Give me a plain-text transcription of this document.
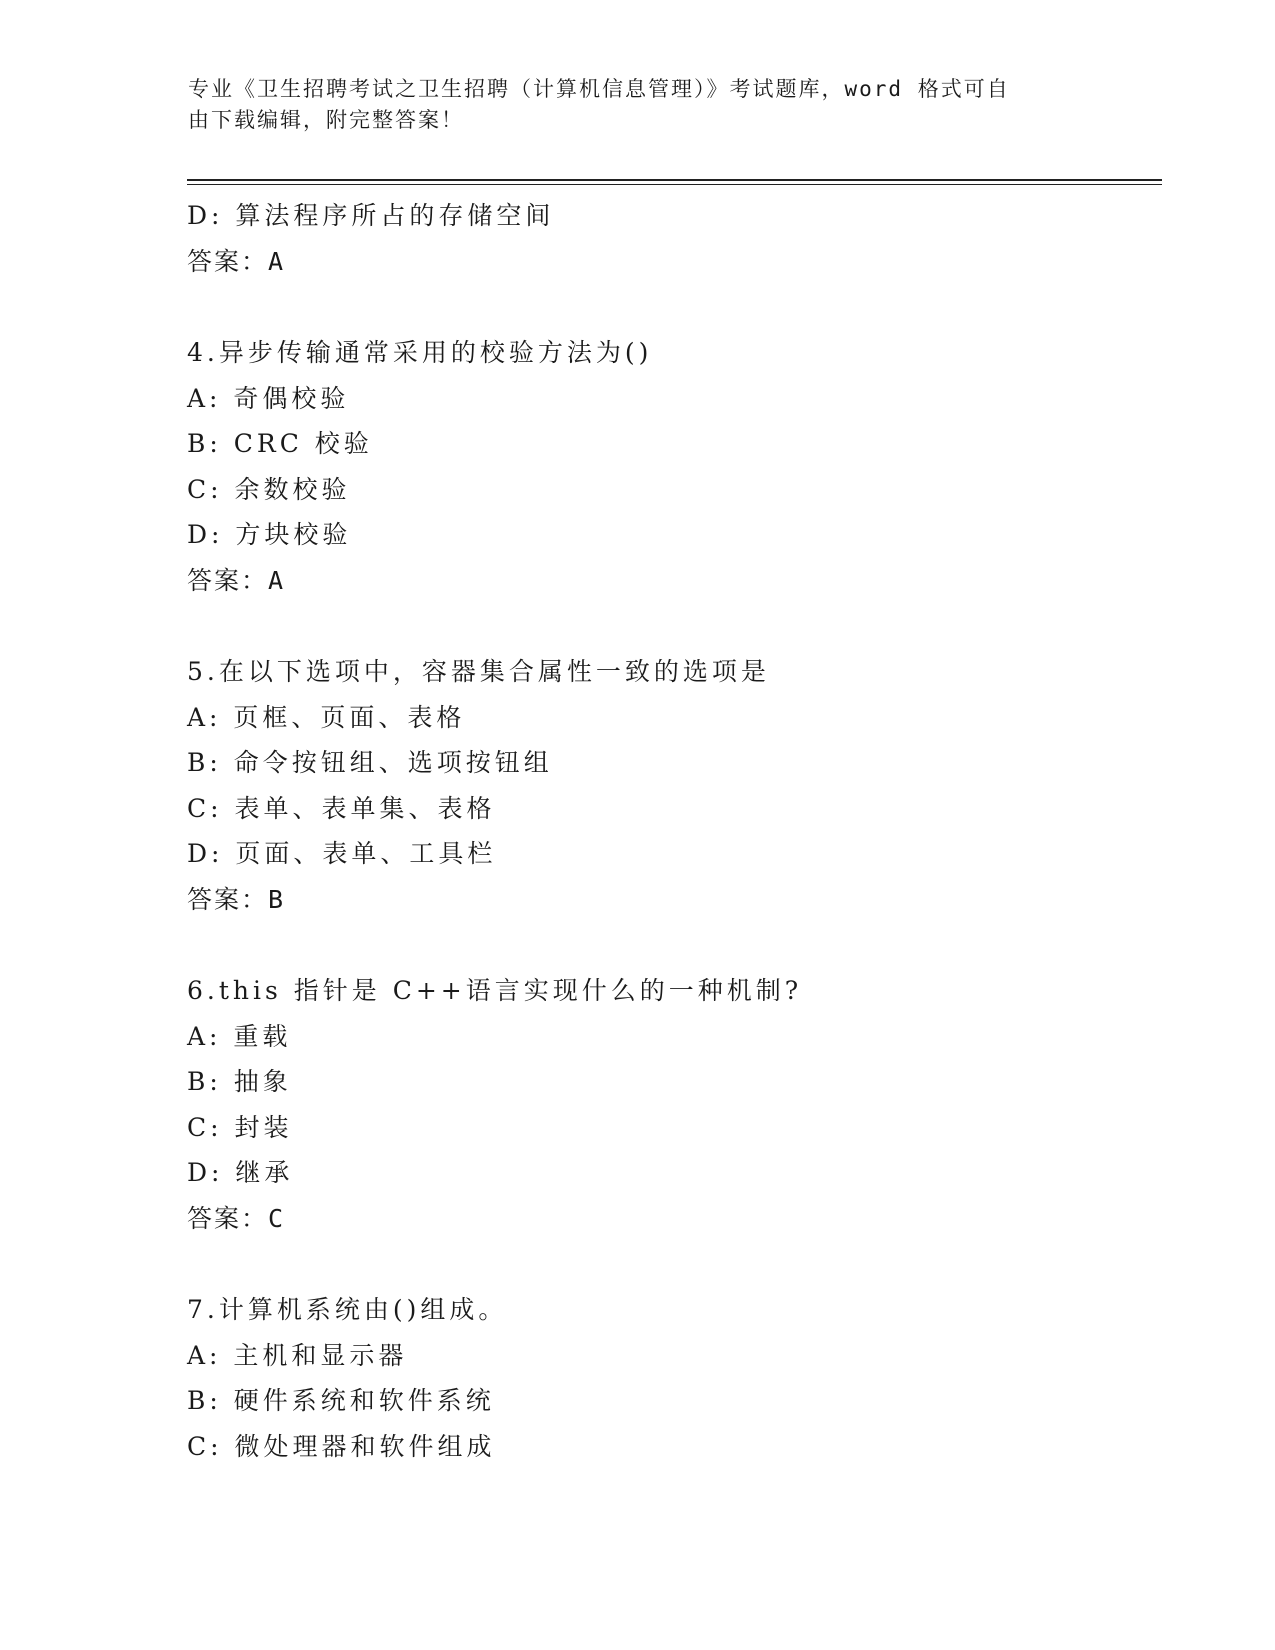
专业《卫生招聘考试之卫生招聘（计算机信息管理）》考试题库，word 格式可自
由下载编辑，附完整答案！
D: 算法程序所占的存储空间
答案：A
4.异步传输通常采用的校验方法为()
A: 奇偶校验
B: CRC 校验
C: 余数校验
D: 方块校验
答案：A
5.在以下选项中，容器集合属性一致的选项是
A: 页框、页面、表格
B: 命令按钮组、选项按钮组
C: 表单、表单集、表格
D: 页面、表单、工具栏
答案：B
6.this 指针是 C++语言实现什么的一种机制?
A: 重载
B: 抽象
C: 封装
D: 继承
答案：C
7.计算机系统由()组成。
A: 主机和显示器
B: 硬件系统和软件系统
C: 微处理器和软件组成
